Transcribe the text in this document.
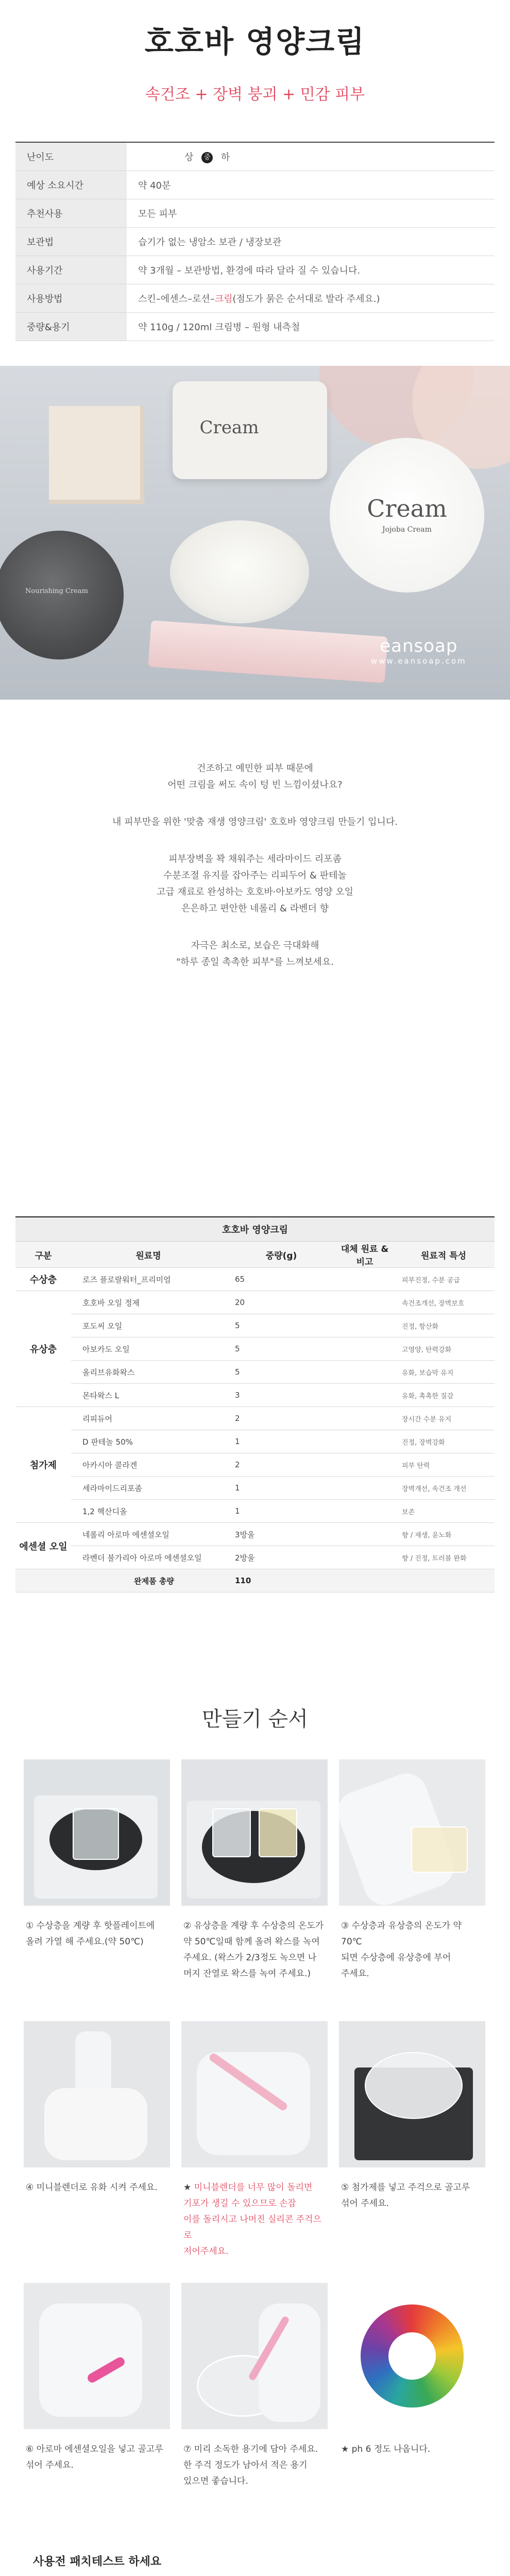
호호바 영양크림
속건조 + 장벽 붕괴 + 민감 피부
난이도	상 중 하
예상 소요시간	약 40분
추천사용	모든 피부
보관법	습기가 없는 냉암소 보관 / 냉장보관
사용기간	약 3개월 – 보관방법, 환경에 따라 달라 질 수 있습니다.
사용방법	스킨–에센스–로션–크림(점도가 묽은 순서대로 발라 주세요.)
중량&용기	약 110g / 120ml 크림병 – 원형 내측철
Cream
Cream
Jojoba Cream
Nourishing Cream
eansoap
www.eansoap.com

건조하고 예민한 피부 때문에
어떤 크림을 써도 속이 텅 빈 느낌이셨나요?

내 피부만을 위한 '맞춤 재생 영양크림' 호호바 영양크림 만들기 입니다.

피부장벽을 꽉 채워주는 세라마이드 리포좀
수분조절 유지를 잡아주는 리피두어 & 판테놀
고급 재료로 완성하는 호호바·아보카도 영양 오일
은은하고 편안한 네롤리 & 라벤더 향

자극은 최소로, 보습은 극대화해
"하루 종일 촉촉한 피부"를 느껴보세요.

호호바 영양크림				
구분	원료명	중량(g)	대체 원료 & 비고	원료적 특성
수상층	로즈 플로랄워터_프리미엄	65		피부진정, 수분 공급
유상층	호호바 오일 정제	20		속건조개선, 장벽보호
	포도씨 오일	5		진정, 항산화
	아보카도 오일	5		고영양, 탄력강화
	올리브유화왁스	5		유화, 보습막 유지
	몬타왁스 L	3		유화, 촉촉한 질감
첨가제	리피듀어	2		장시간 수분 유지
	D 판테놀 50%	1		진정, 장벽강화
	아카시아 콜라겐	2		피부 탄력
	세라마이드리포좀	1		장벽개선, 속건조 개선
	1,2 헥산디올	1		보존
에센셜 오일	네롤리 아로마 에센셜오일	3방울		향 / 재생, 윤노화
	라벤더 불가리아 아로마 에센셜오일	2방울		향 / 진정, 트러블 완화
	완제품 총량	110		
만들기 순서
① 수상층을 계량 후 핫플레이트에
올려 가열 해 주세요.(약 50℃)
② 유상층을 계량 후 수상층의 온도가
약 50℃일때 함께 올려 왁스를 녹여
주세요. (왁스가 2/3정도 녹으면 나
머지 잔열로 왁스를 녹여 주세요.)
③ 수상층과 유상층의 온도가 약 70℃
되면 수상층에 유상층에 부어
주세요.
④ 미니블렌더로 유화 시켜 주세요.	★ 미니블렌더를 너무 많이 돌리면
기포가 생길 수 있으므로 손잡
이를 돌리시고 나머진 실리콘 주걱으로
저어주세요.
⑤ 첨가제를 넣고 주걱으로 골고루
섞어 주세요.
⑥ 아로마 에센셜오일을 넣고 골고루
섞어 주세요.
⑦ 미리 소독한 용기에 담아 주세요.
한 주걱 정도가 남아서 적은 용기
있으면 좋습니다.
★ ph 6 정도 나옵니다.
사용전 패치테스트 하세요
